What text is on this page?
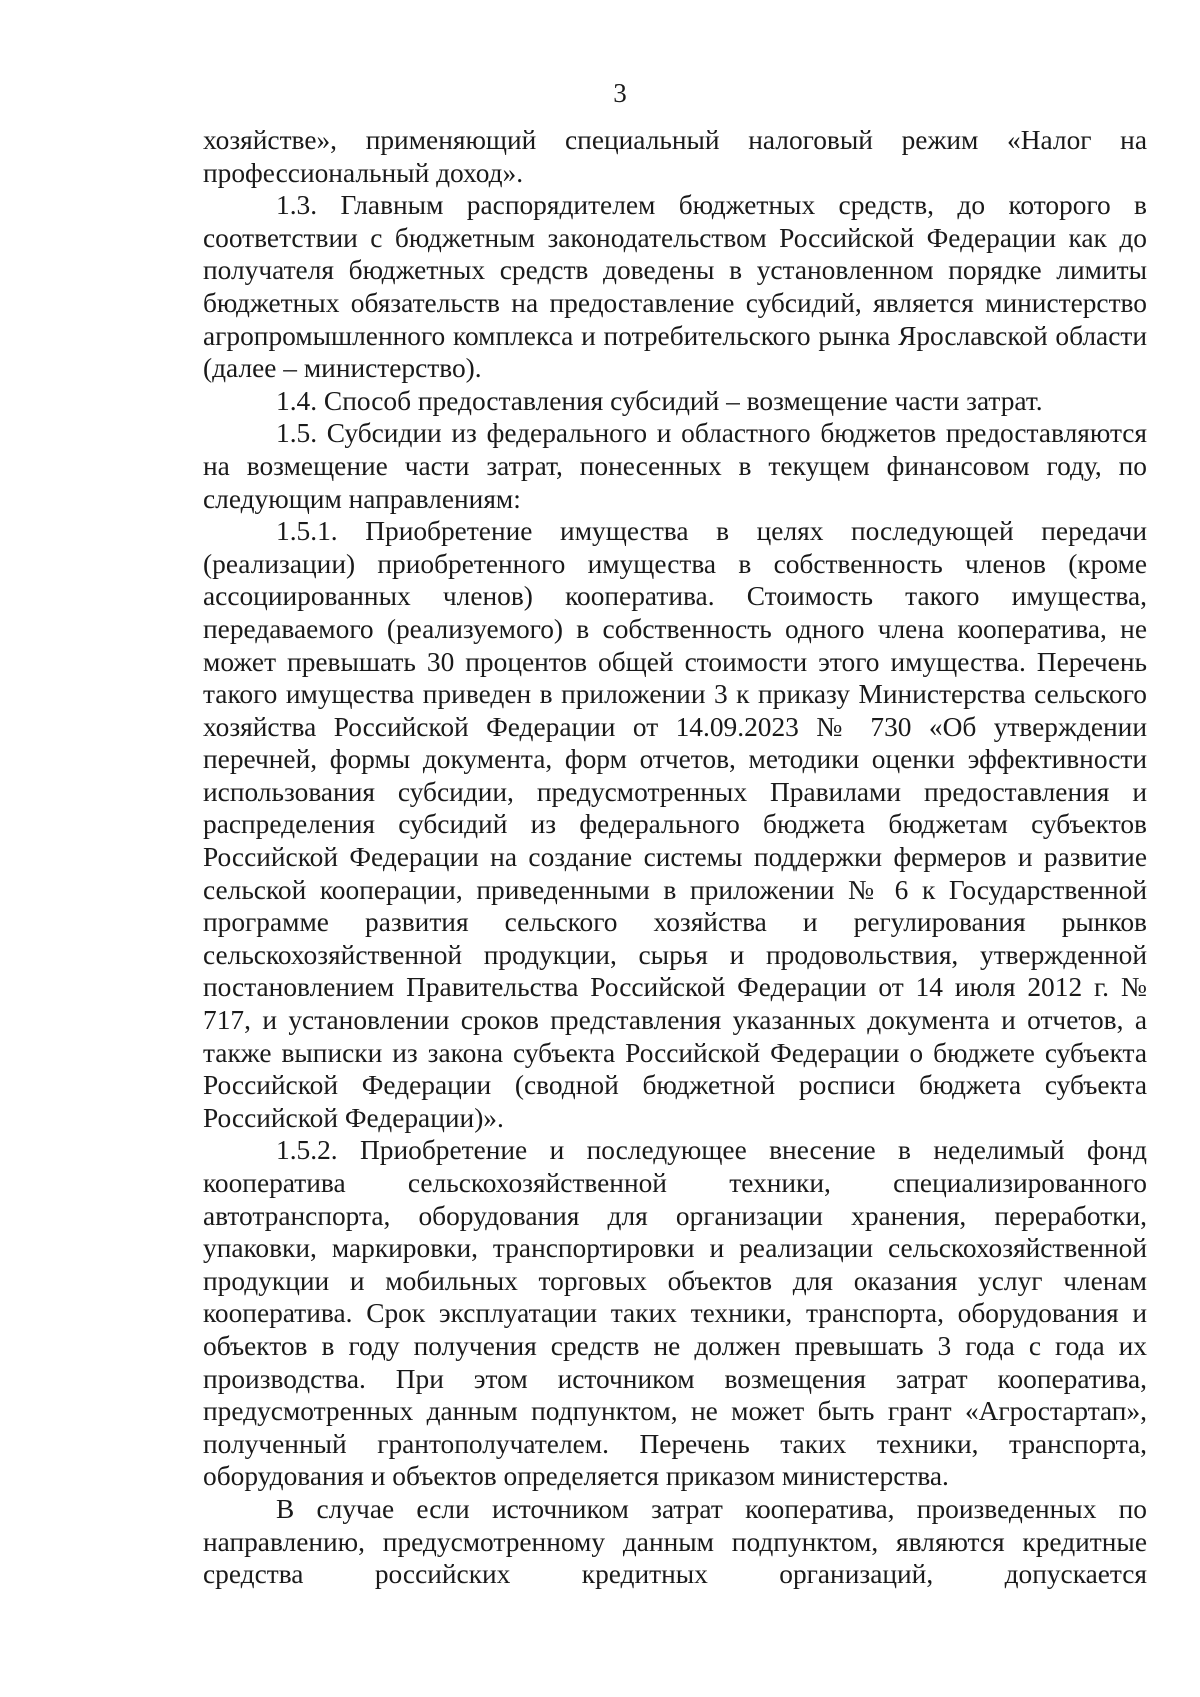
3

хозяйстве», применяющий специальный налоговый режим «Налог на профессиональный доход».

1.3. Главным распорядителем бюджетных средств, до которого в соответствии с бюджетным законодательством Российской Федерации как до получателя бюджетных средств доведены в установленном порядке лимиты бюджетных обязательств на предоставление субсидий, является министерство агропромышленного комплекса и потребительского рынка Ярославской области (далее – министерство).

1.4. Способ предоставления субсидий – возмещение части затрат.

1.5. Субсидии из федерального и областного бюджетов предоставляются на возмещение части затрат, понесенных в текущем финансовом году, по следующим направлениям:

1.5.1. Приобретение имущества в целях последующей передачи (реализации) приобретенного имущества в собственность членов (кроме ассоциированных членов) кооператива. Стоимость такого имущества, передаваемого (реализуемого) в собственность одного члена кооператива, не может превышать 30 процентов общей стоимости этого имущества. Перечень такого имущества приведен в приложении 3 к приказу Министерства сельского хозяйства Российской Федерации от 14.09.2023 № 730 «Об утверждении перечней, формы документа, форм отчетов, методики оценки эффективности использования субсидии, предусмотренных Правилами предоставления и распределения субсидий из федерального бюджета бюджетам субъектов Российской Федерации на создание системы поддержки фермеров и развитие сельской кооперации, приведенными в приложении № 6 к Государственной программе развития сельского хозяйства и регулирования рынков сельскохозяйственной продукции, сырья и продовольствия, утвержденной постановлением Правительства Российской Федерации от 14 июля 2012 г. № 717, и установлении сроков представления указанных документа и отчетов, а также выписки из закона субъекта Российской Федерации о бюджете субъекта Российской Федерации (сводной бюджетной росписи бюджета субъекта Российской Федерации)».

1.5.2. Приобретение и последующее внесение в неделимый фонд кооператива сельскохозяйственной техники, специализированного автотранспорта, оборудования для организации хранения, переработки, упаковки, маркировки, транспортировки и реализации сельскохозяйственной продукции и мобильных торговых объектов для оказания услуг членам кооператива. Срок эксплуатации таких техники, транспорта, оборудования и объектов в году получения средств не должен превышать 3 года с года их производства. При этом источником возмещения затрат кооператива, предусмотренных данным подпунктом, не может быть грант «Агростартап», полученный грантополучателем. Перечень таких техники, транспорта, оборудования и объектов определяется приказом министерства.

В случае если источником затрат кооператива, произведенных по направлению, предусмотренному данным подпунктом, являются кредитные средства российских кредитных организаций, допускается
